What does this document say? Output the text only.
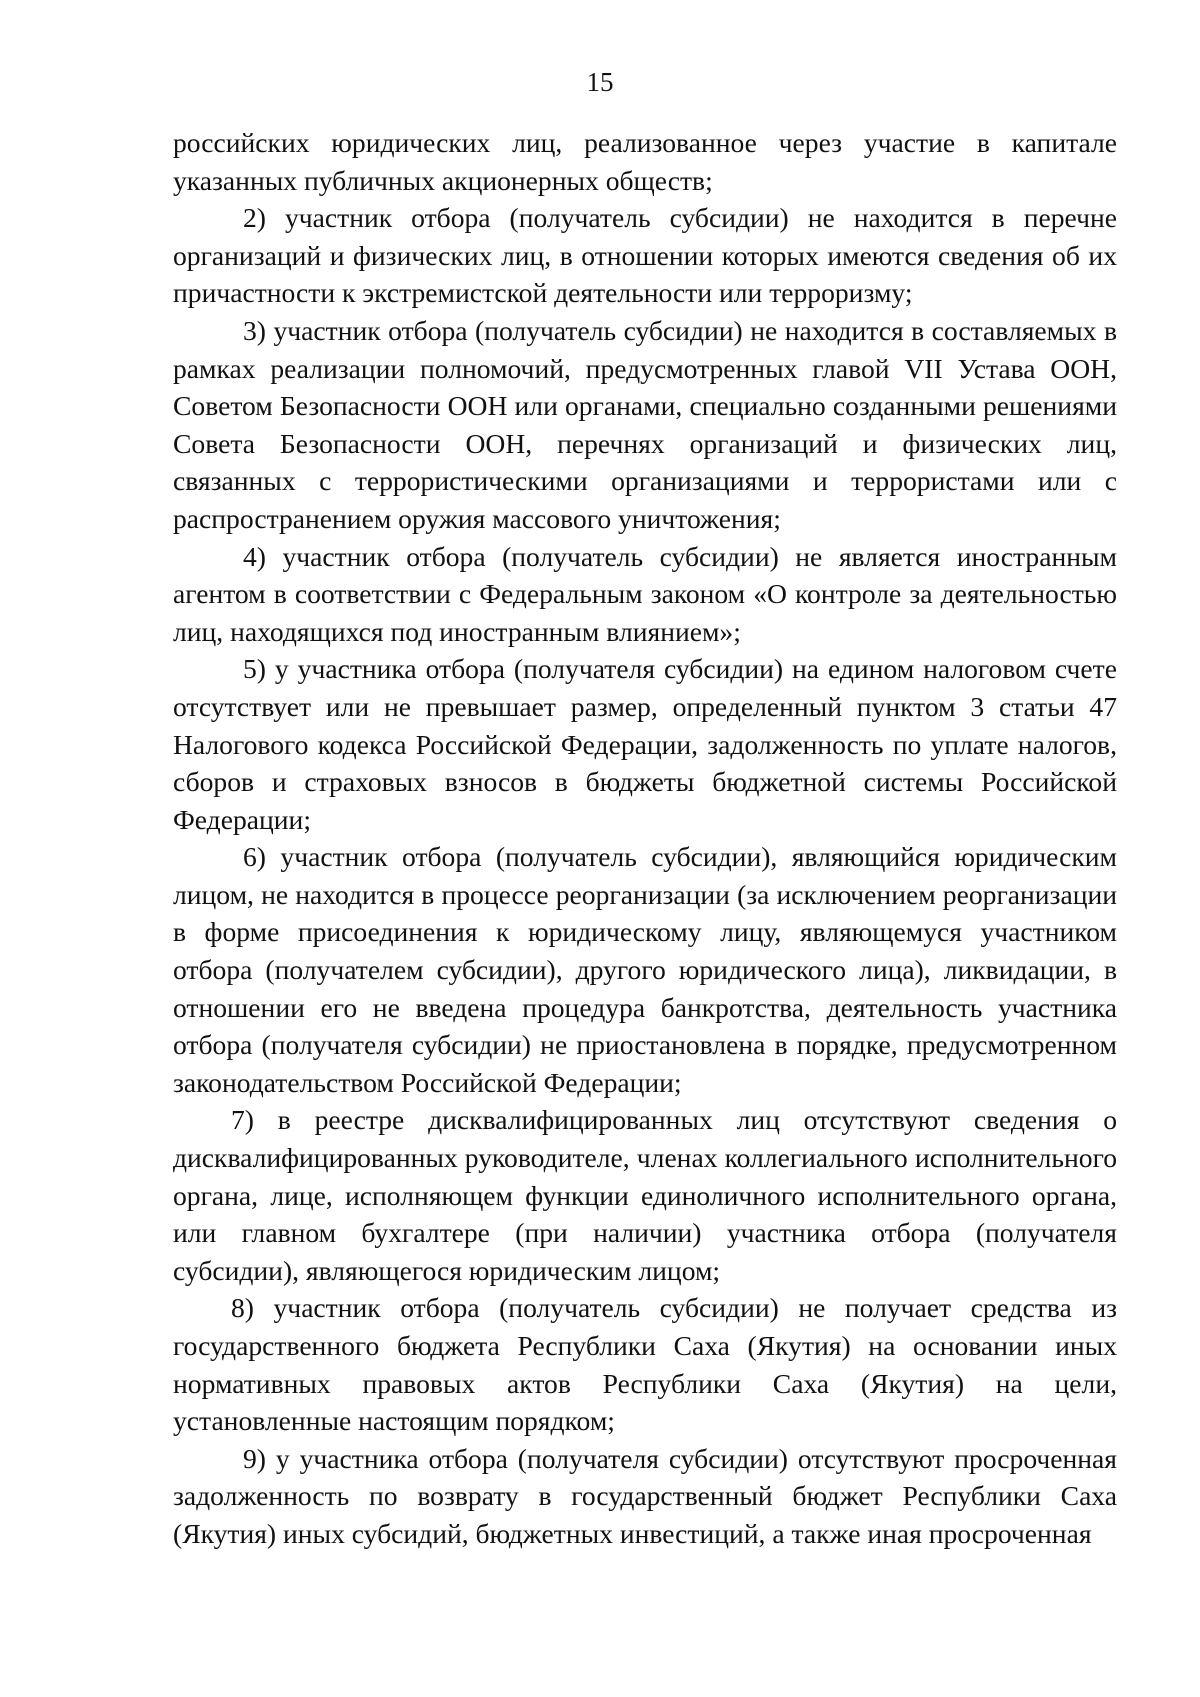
15

российских юридических лиц, реализованное через участие в капитале указанных публичных акционерных обществ;

2) участник отбора (получатель субсидии) не находится в перечне организаций и физических лиц, в отношении которых имеются сведения об их причастности к экстремистской деятельности или терроризму;

3) участник отбора (получатель субсидии) не находится в составляемых в рамках реализации полномочий, предусмотренных главой VII Устава ООН, Советом Безопасности ООН или органами, специально созданными решениями Совета Безопасности ООН, перечнях организаций и физических лиц, связанных с террористическими организациями и террористами или с распространением оружия массового уничтожения;

4) участник отбора (получатель субсидии) не является иностранным агентом в соответствии с Федеральным законом «О контроле за деятельностью лиц, находящихся под иностранным влиянием»;

5) у участника отбора (получателя субсидии) на едином налоговом счете отсутствует или не превышает размер, определенный пунктом 3 статьи 47 Налогового кодекса Российской Федерации, задолженность по уплате налогов, сборов и страховых взносов в бюджеты бюджетной системы Российской Федерации;

6) участник отбора (получатель субсидии), являющийся юридическим лицом, не находится в процессе реорганизации (за исключением реорганизации в форме присоединения к юридическому лицу, являющемуся участником отбора (получателем субсидии), другого юридического лица), ликвидации, в отношении его не введена процедура банкротства, деятельность участника отбора (получателя субсидии) не приостановлена в порядке, предусмотренном законодательством Российской Федерации;

7) в реестре дисквалифицированных лиц отсутствуют сведения о дисквалифицированных руководителе, членах коллегиального исполнительного органа, лице, исполняющем функции единоличного исполнительного органа, или главном бухгалтере (при наличии) участника отбора (получателя субсидии), являющегося юридическим лицом;

8) участник отбора (получатель субсидии) не получает средства из государственного бюджета Республики Саха (Якутия) на основании иных нормативных правовых актов Республики Саха (Якутия) на цели, установленные настоящим порядком;

9) у участника отбора (получателя субсидии) отсутствуют просроченная задолженность по возврату в государственный бюджет Республики Саха (Якутия) иных субсидий, бюджетных инвестиций, а также иная просроченная
